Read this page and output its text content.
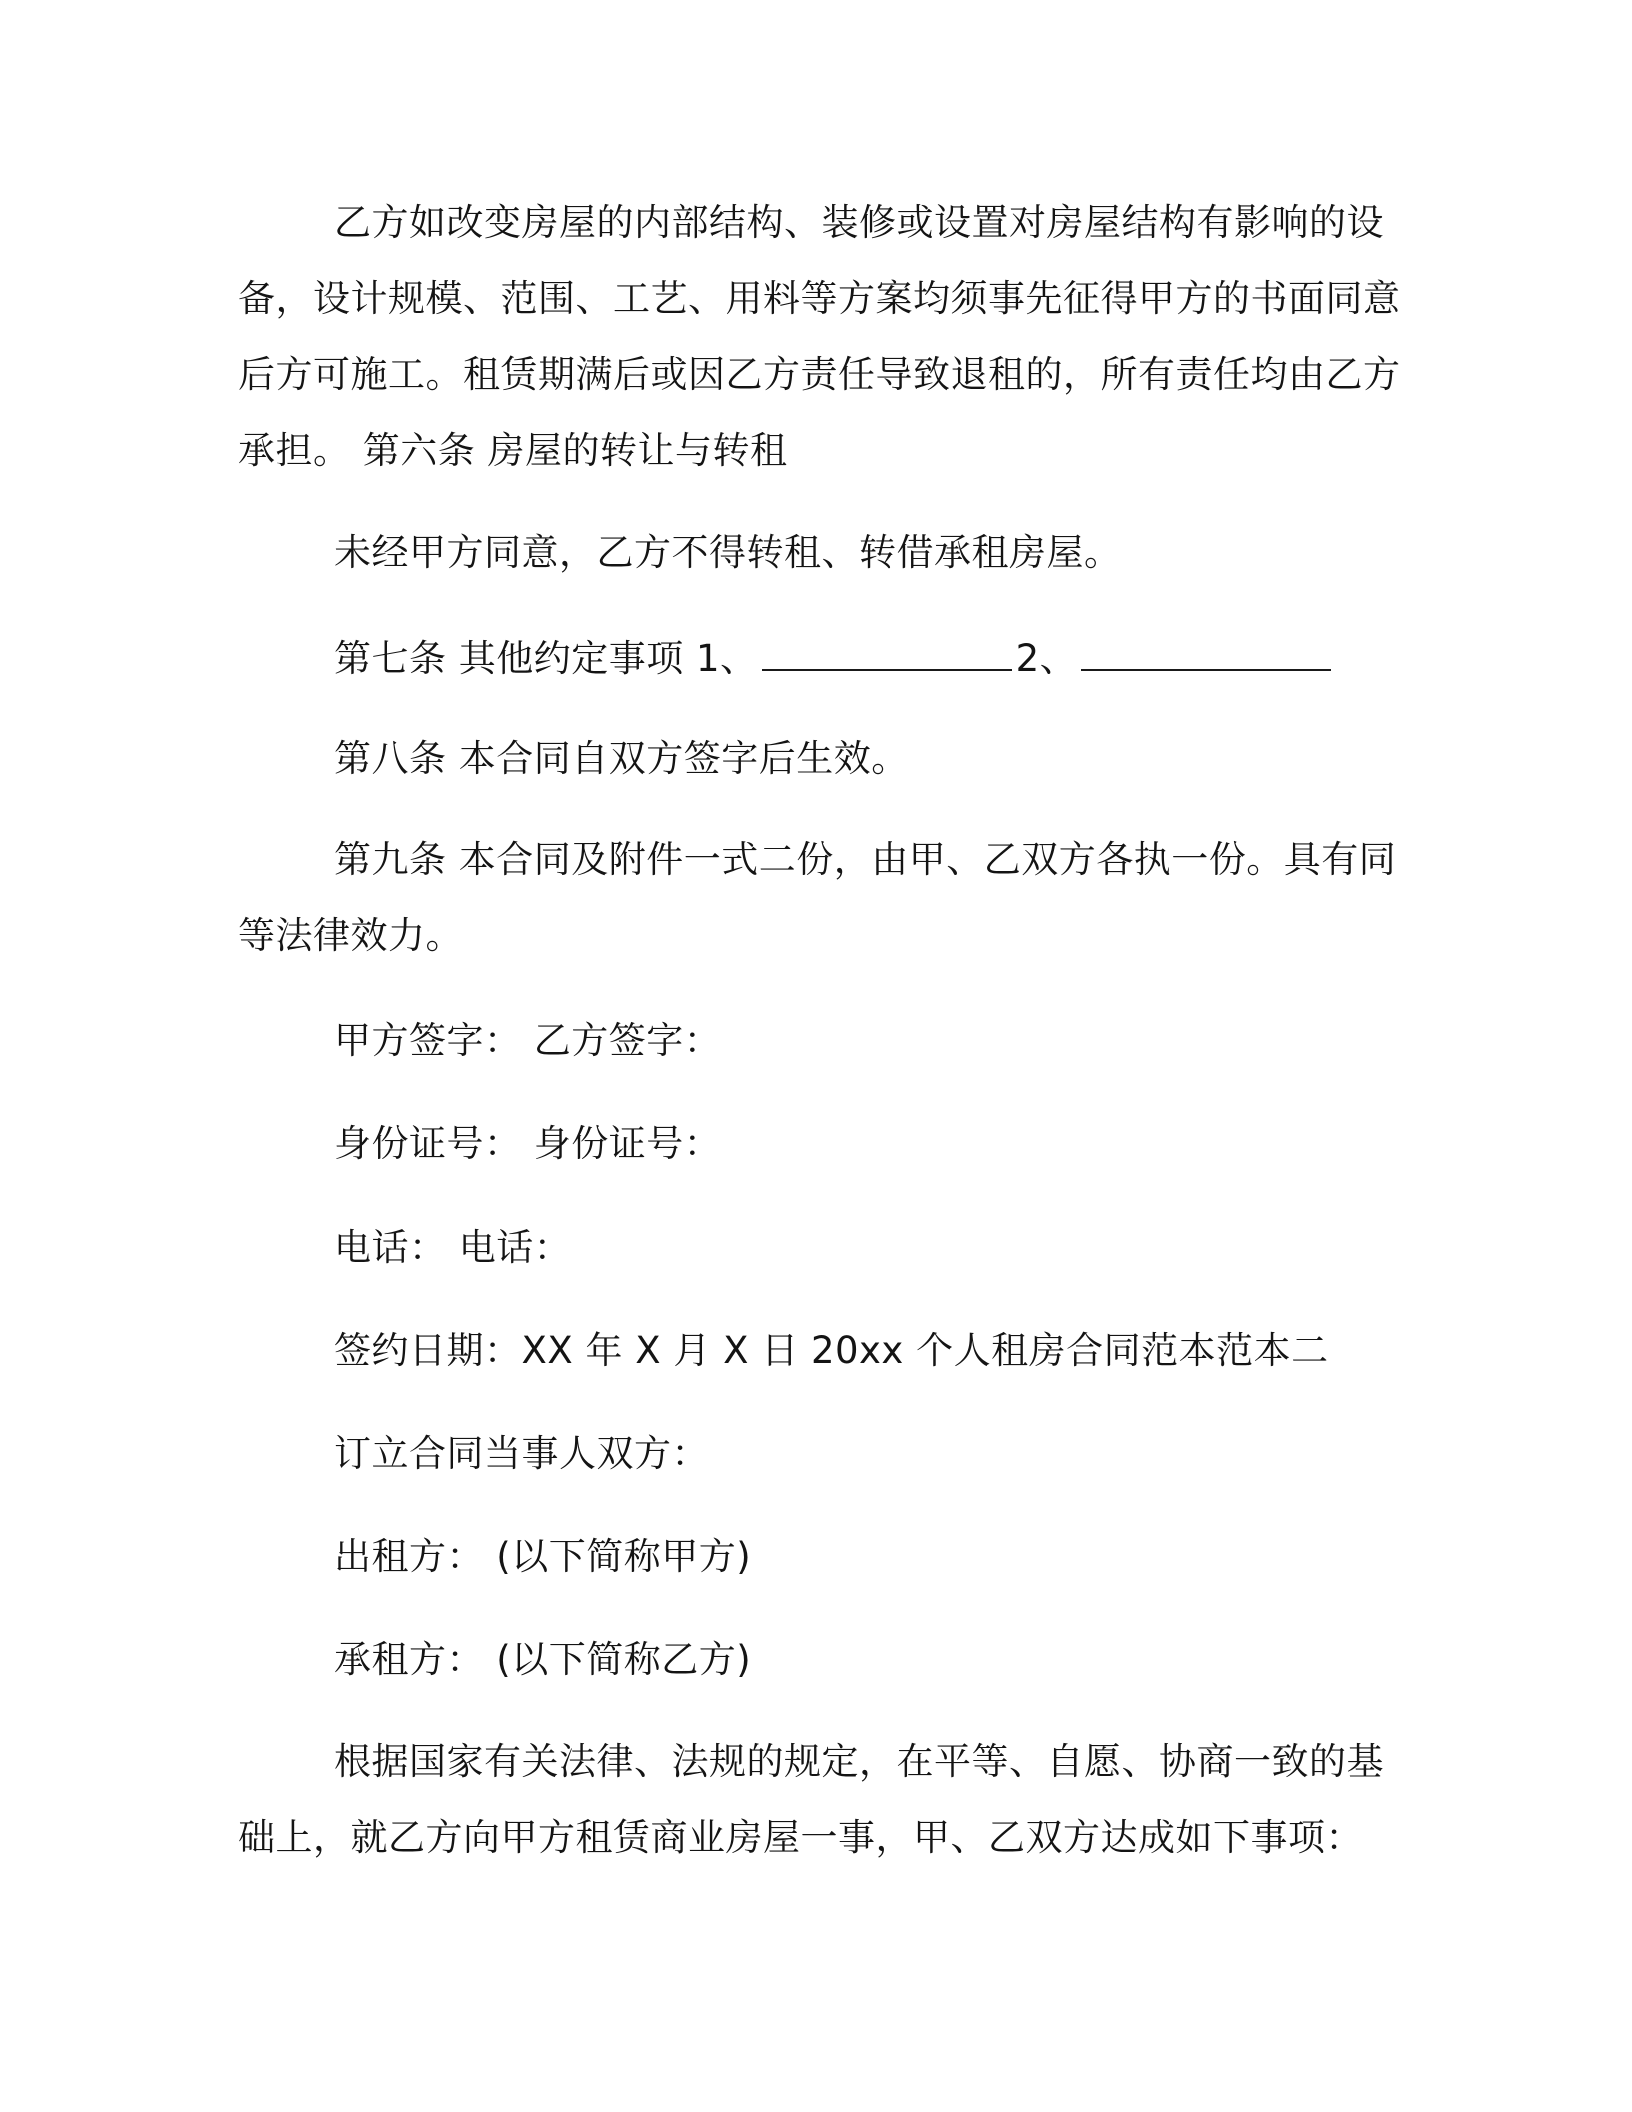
乙方如改变房屋的内部结构、装修或设置对房屋结构有影响的设备，设计规模、范围、工艺、用料等方案均须事先征得甲方的书面同意后方可施工。租赁期满后或因乙方责任导致退租的，所有责任均由乙方承担。 第六条 房屋的转让与转租

未经甲方同意，乙方不得转租、转借承租房屋。

第七条 其他约定事项 1、	2、

第八条 本合同自双方签字后生效。

第九条 本合同及附件一式二份，由甲、乙双方各执一份。具有同等法律效力。

甲方签字： 乙方签字：

身份证号： 身份证号：

电话： 电话：

签约日期：XX 年 X 月 X 日 20xx 个人租房合同范本范本二

订立合同当事人双方：

出租方： (以下简称甲方)

承租方： (以下简称乙方)

根据国家有关法律、法规的规定，在平等、自愿、协商一致的基础上，就乙方向甲方租赁商业房屋一事，甲、乙双方达成如下事项：
